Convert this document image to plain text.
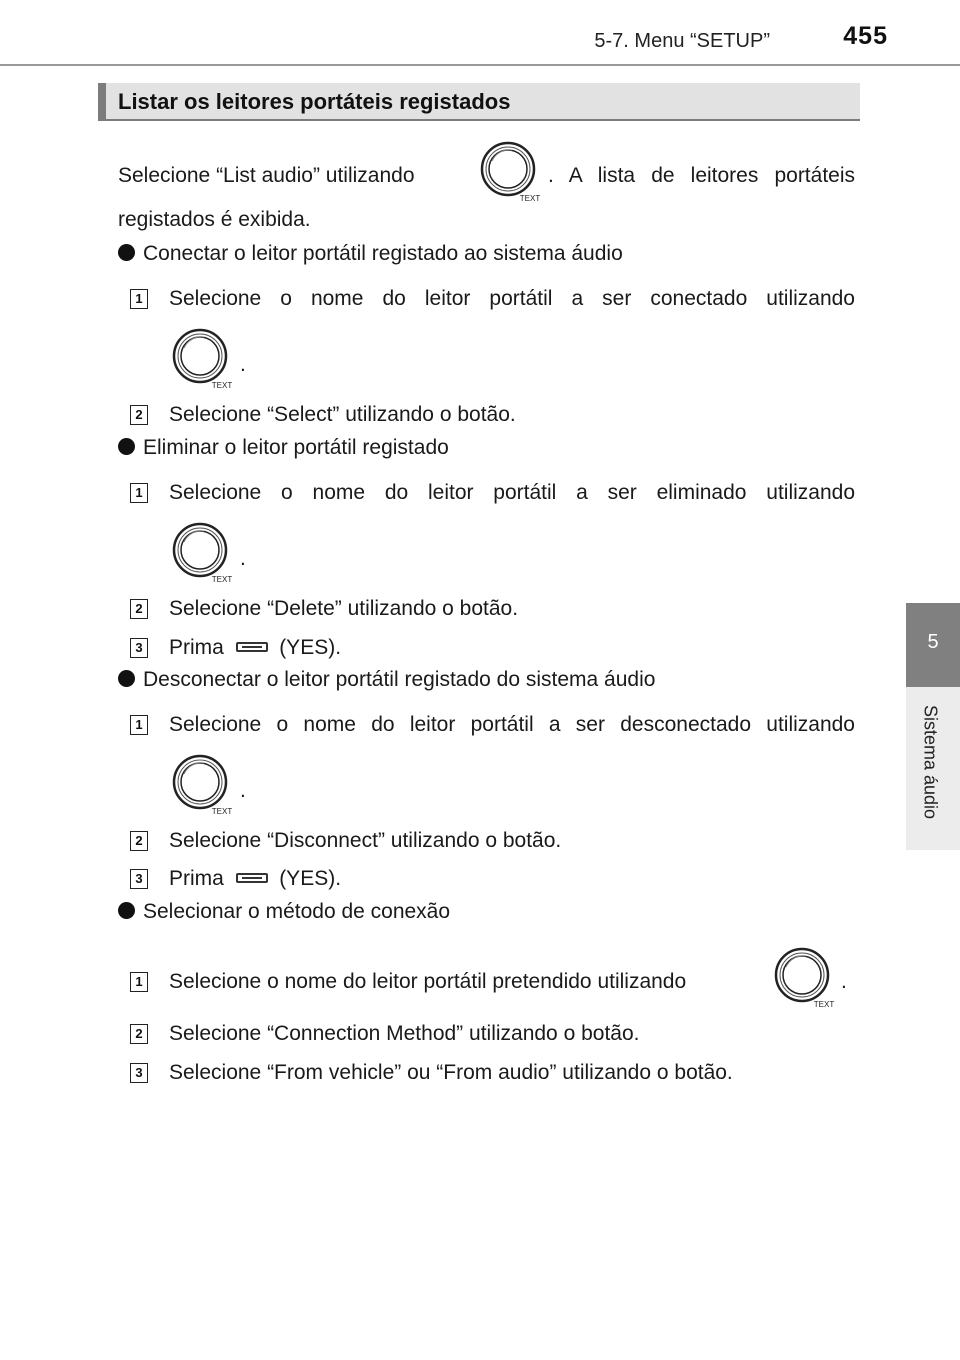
5-7. Menu “SETUP”	455
5
Sistema áudio
Listar os leitores portáteis registados
Selecione “List audio” utilizando
TEXT
. A lista de leitores portáteis
registados é exibida.
Conectar o leitor portátil registado ao sistema áudio
1 Selecione o nome do leitor portátil a ser conectado utilizando
TEXT
.
2 Selecione “Select” utilizando o botão.
Eliminar o leitor portátil registado
1 Selecione o nome do leitor portátil a ser eliminado utilizando
TEXT
.
2 Selecione “Delete” utilizando o botão.
3 Prima	(YES).
Desconectar o leitor portátil registado do sistema áudio
1 Selecione o nome do leitor portátil a ser desconectado utilizando
TEXT
.
2 Selecione “Disconnect” utilizando o botão.
3 Prima	(YES).
Selecionar o método de conexão
1 Selecione o nome do leitor portátil pretendido utilizando
TEXT
.
2 Selecione “Connection Method” utilizando o botão.
3 Selecione “From vehicle” ou “From audio” utilizando o botão.
